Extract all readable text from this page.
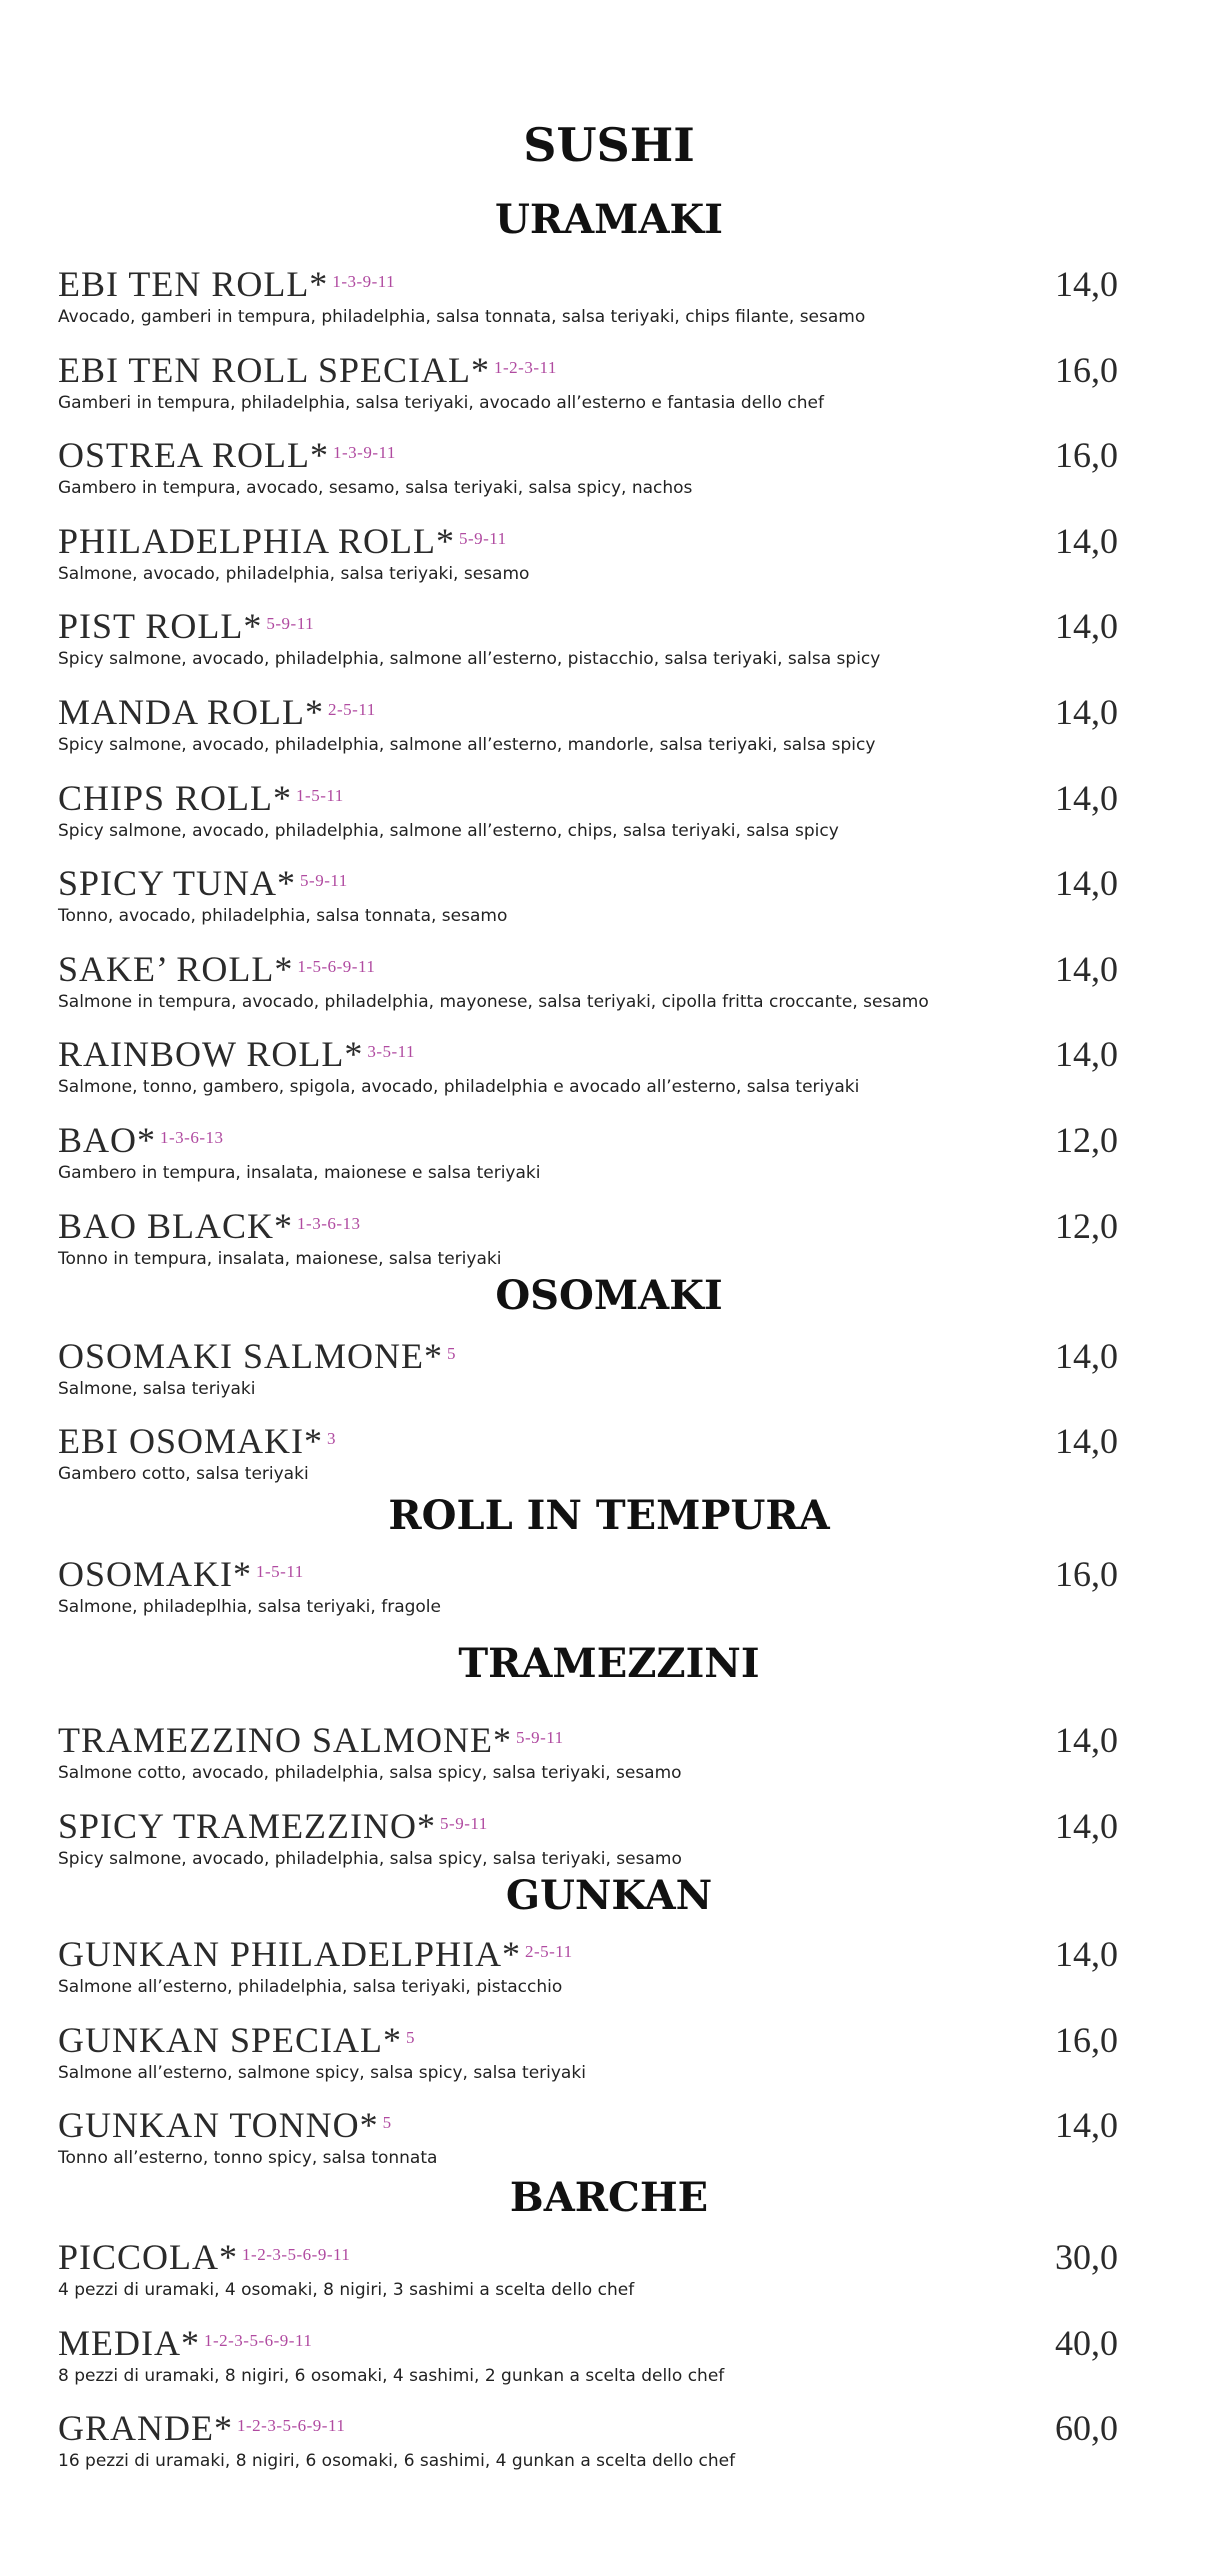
SUSHI
URAMAKI
EBI TEN ROLL* $^{1-3-9-11}$
Avocado, gamberi in tempura, philadelphia, salsa tonnata, salsa teriyaki, chips filante, sesamo
14,0
EBI TEN ROLL SPECIAL* $^{1-2-3-11}$
Gamberi in tempura, philadelphia, salsa teriyaki, avocado all’esterno e fantasia dello chef
16,0
OSTREA ROLL* $^{1-3-9-11}$
Gambero in tempura, avocado, sesamo, salsa teriyaki, salsa spicy, nachos
16,0
PHILADELPHIA ROLL* $^{5-9-11}$
Salmone, avocado, philadelphia, salsa teriyaki, sesamo
14,0
PIST ROLL* $^{5-9-11}$
Spicy salmone, avocado, philadelphia, salmone all’esterno, pistacchio, salsa teriyaki, salsa spicy
14,0
MANDA ROLL* $^{2-5-11}$
Spicy salmone, avocado, philadelphia, salmone all’esterno, mandorle, salsa teriyaki, salsa spicy
14,0
CHIPS ROLL* $^{1-5-11}$
Spicy salmone, avocado, philadelphia, salmone all’esterno, chips, salsa teriyaki, salsa spicy
14,0
SPICY TUNA* $^{5-9-11}$
Tonno, avocado, philadelphia, salsa tonnata, sesamo
14,0
SAKE’ ROLL* $^{1-5-6-9-11}$
Salmone in tempura, avocado, philadelphia, mayonese, salsa teriyaki, cipolla fritta croccante, sesamo
14,0
RAINBOW ROLL* $^{3-5-11}$
Salmone, tonno, gambero, spigola, avocado, philadelphia e avocado all’esterno, salsa teriyaki
14,0
BAO* $^{1-3-6-13}$
Gambero in tempura, insalata, maionese e salsa teriyaki
12,0
BAO BLACK* $^{1-3-6-13}$
Tonno in tempura, insalata, maionese, salsa teriyaki
12,0
OSOMAKI
OSOMAKI SALMONE* $^5$
Salmone, salsa teriyaki
14,0
EBI OSOMAKI* $^3$
Gambero cotto, salsa teriyaki
14,0
ROLL IN TEMPURA
OSOMAKI* $^{1-5-11}$
Salmone, philadeplhia, salsa teriyaki, fragole
16,0
TRAMEZZINI
TRAMEZZINO SALMONE* $^{5-9-11}$
Salmone cotto, avocado, philadelphia, salsa spicy, salsa teriyaki, sesamo
14,0
SPICY TRAMEZZINO* $^{5-9-11}$
Spicy salmone, avocado, philadelphia, salsa spicy, salsa teriyaki, sesamo
14,0
GUNKAN
GUNKAN PHILADELPHIA* $^{2-5-11}$
Salmone all’esterno, philadelphia, salsa teriyaki, pistacchio
14,0
GUNKAN SPECIAL* $^5$
Salmone all’esterno, salmone spicy, salsa spicy, salsa teriyaki
16,0
GUNKAN TONNO* $^5$
Tonno all’esterno, tonno spicy, salsa tonnata
14,0
BARCHE
PICCOLA* $^{1-2-3-5-6-9-11}$
4 pezzi di uramaki, 4 osomaki, 8 nigiri, 3 sashimi a scelta dello chef
30,0
MEDIA* $^{1-2-3-5-6-9-11}$
8 pezzi di uramaki, 8 nigiri, 6 osomaki, 4 sashimi, 2 gunkan a scelta dello chef
40,0
GRANDE* $^{1-2-3-5-6-9-11}$
16 pezzi di uramaki, 8 nigiri, 6 osomaki, 6 sashimi, 4 gunkan a scelta dello chef
60,0
